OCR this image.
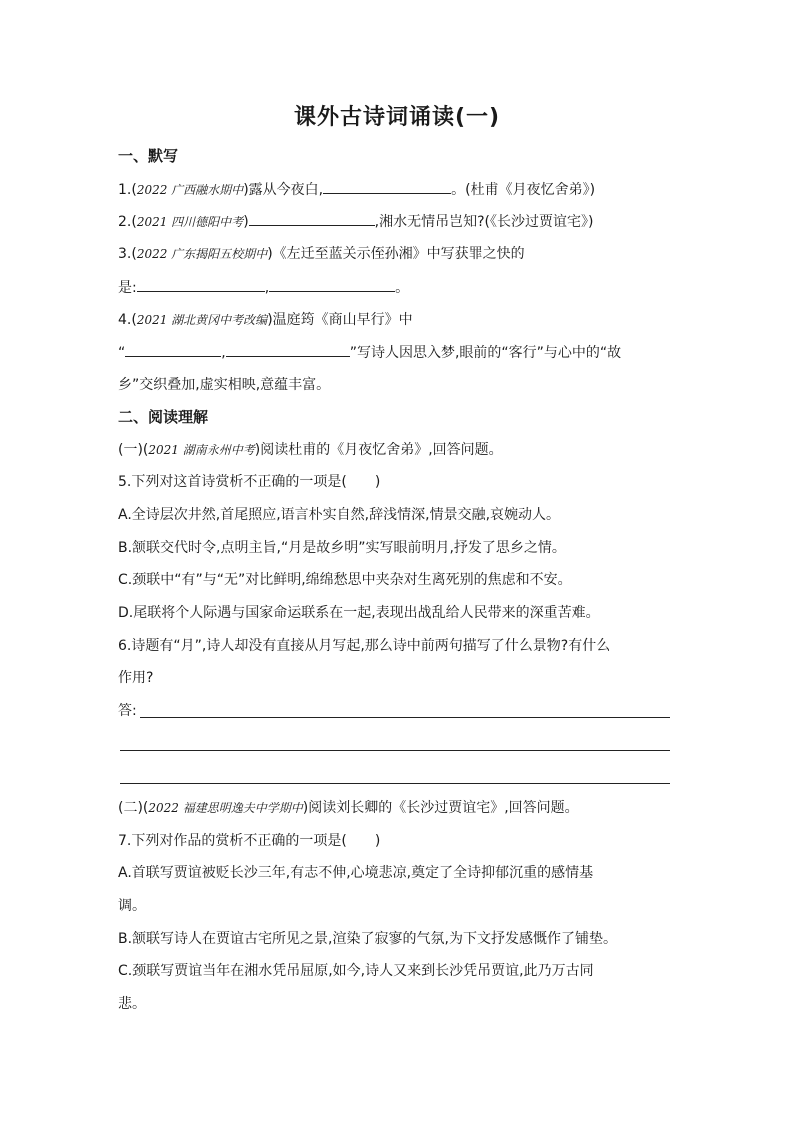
课外古诗词诵读(一)
一、默写
1.(2022 广西融水期中)露从今夜白,	。(杜甫《月夜忆舍弟》)
2.(2021 四川德阳中考)	,湘水无情吊岂知?(《长沙过贾谊宅》)
3.(2022 广东揭阳五校期中)《左迁至蓝关示侄孙湘》中写获罪之快的
是:	,	。
4.(2021 湖北黄冈中考改编)温庭筠《商山早行》中
“	,	”写诗人因思入梦,眼前的“客行”与心中的“故
乡”交织叠加,虚实相映,意蕴丰富。
二、阅读理解
(一)(2021 湖南永州中考)阅读杜甫的《月夜忆舍弟》,回答问题。
5.下列对这首诗赏析不正确的一项是(　　)
A.全诗层次井然,首尾照应,语言朴实自然,辞浅情深,情景交融,哀婉动人。
B.颔联交代时令,点明主旨,“月是故乡明”实写眼前明月,抒发了思乡之情。
C.颈联中“有”与“无”对比鲜明,绵绵愁思中夹杂对生离死别的焦虑和不安。
D.尾联将个人际遇与国家命运联系在一起,表现出战乱给人民带来的深重苦难。
6.诗题有“月”,诗人却没有直接从月写起,那么诗中前两句描写了什么景物?有什么
作用?
答:
(二)(2022 福建思明逸夫中学期中)阅读刘长卿的《长沙过贾谊宅》,回答问题。
7.下列对作品的赏析不正确的一项是(　　)
A.首联写贾谊被贬长沙三年,有志不伸,心境悲凉,奠定了全诗抑郁沉重的感情基
调。
B.颔联写诗人在贾谊古宅所见之景,渲染了寂寥的气氛,为下文抒发感慨作了铺垫。
C.颈联写贾谊当年在湘水凭吊屈原,如今,诗人又来到长沙凭吊贾谊,此乃万古同
悲。
